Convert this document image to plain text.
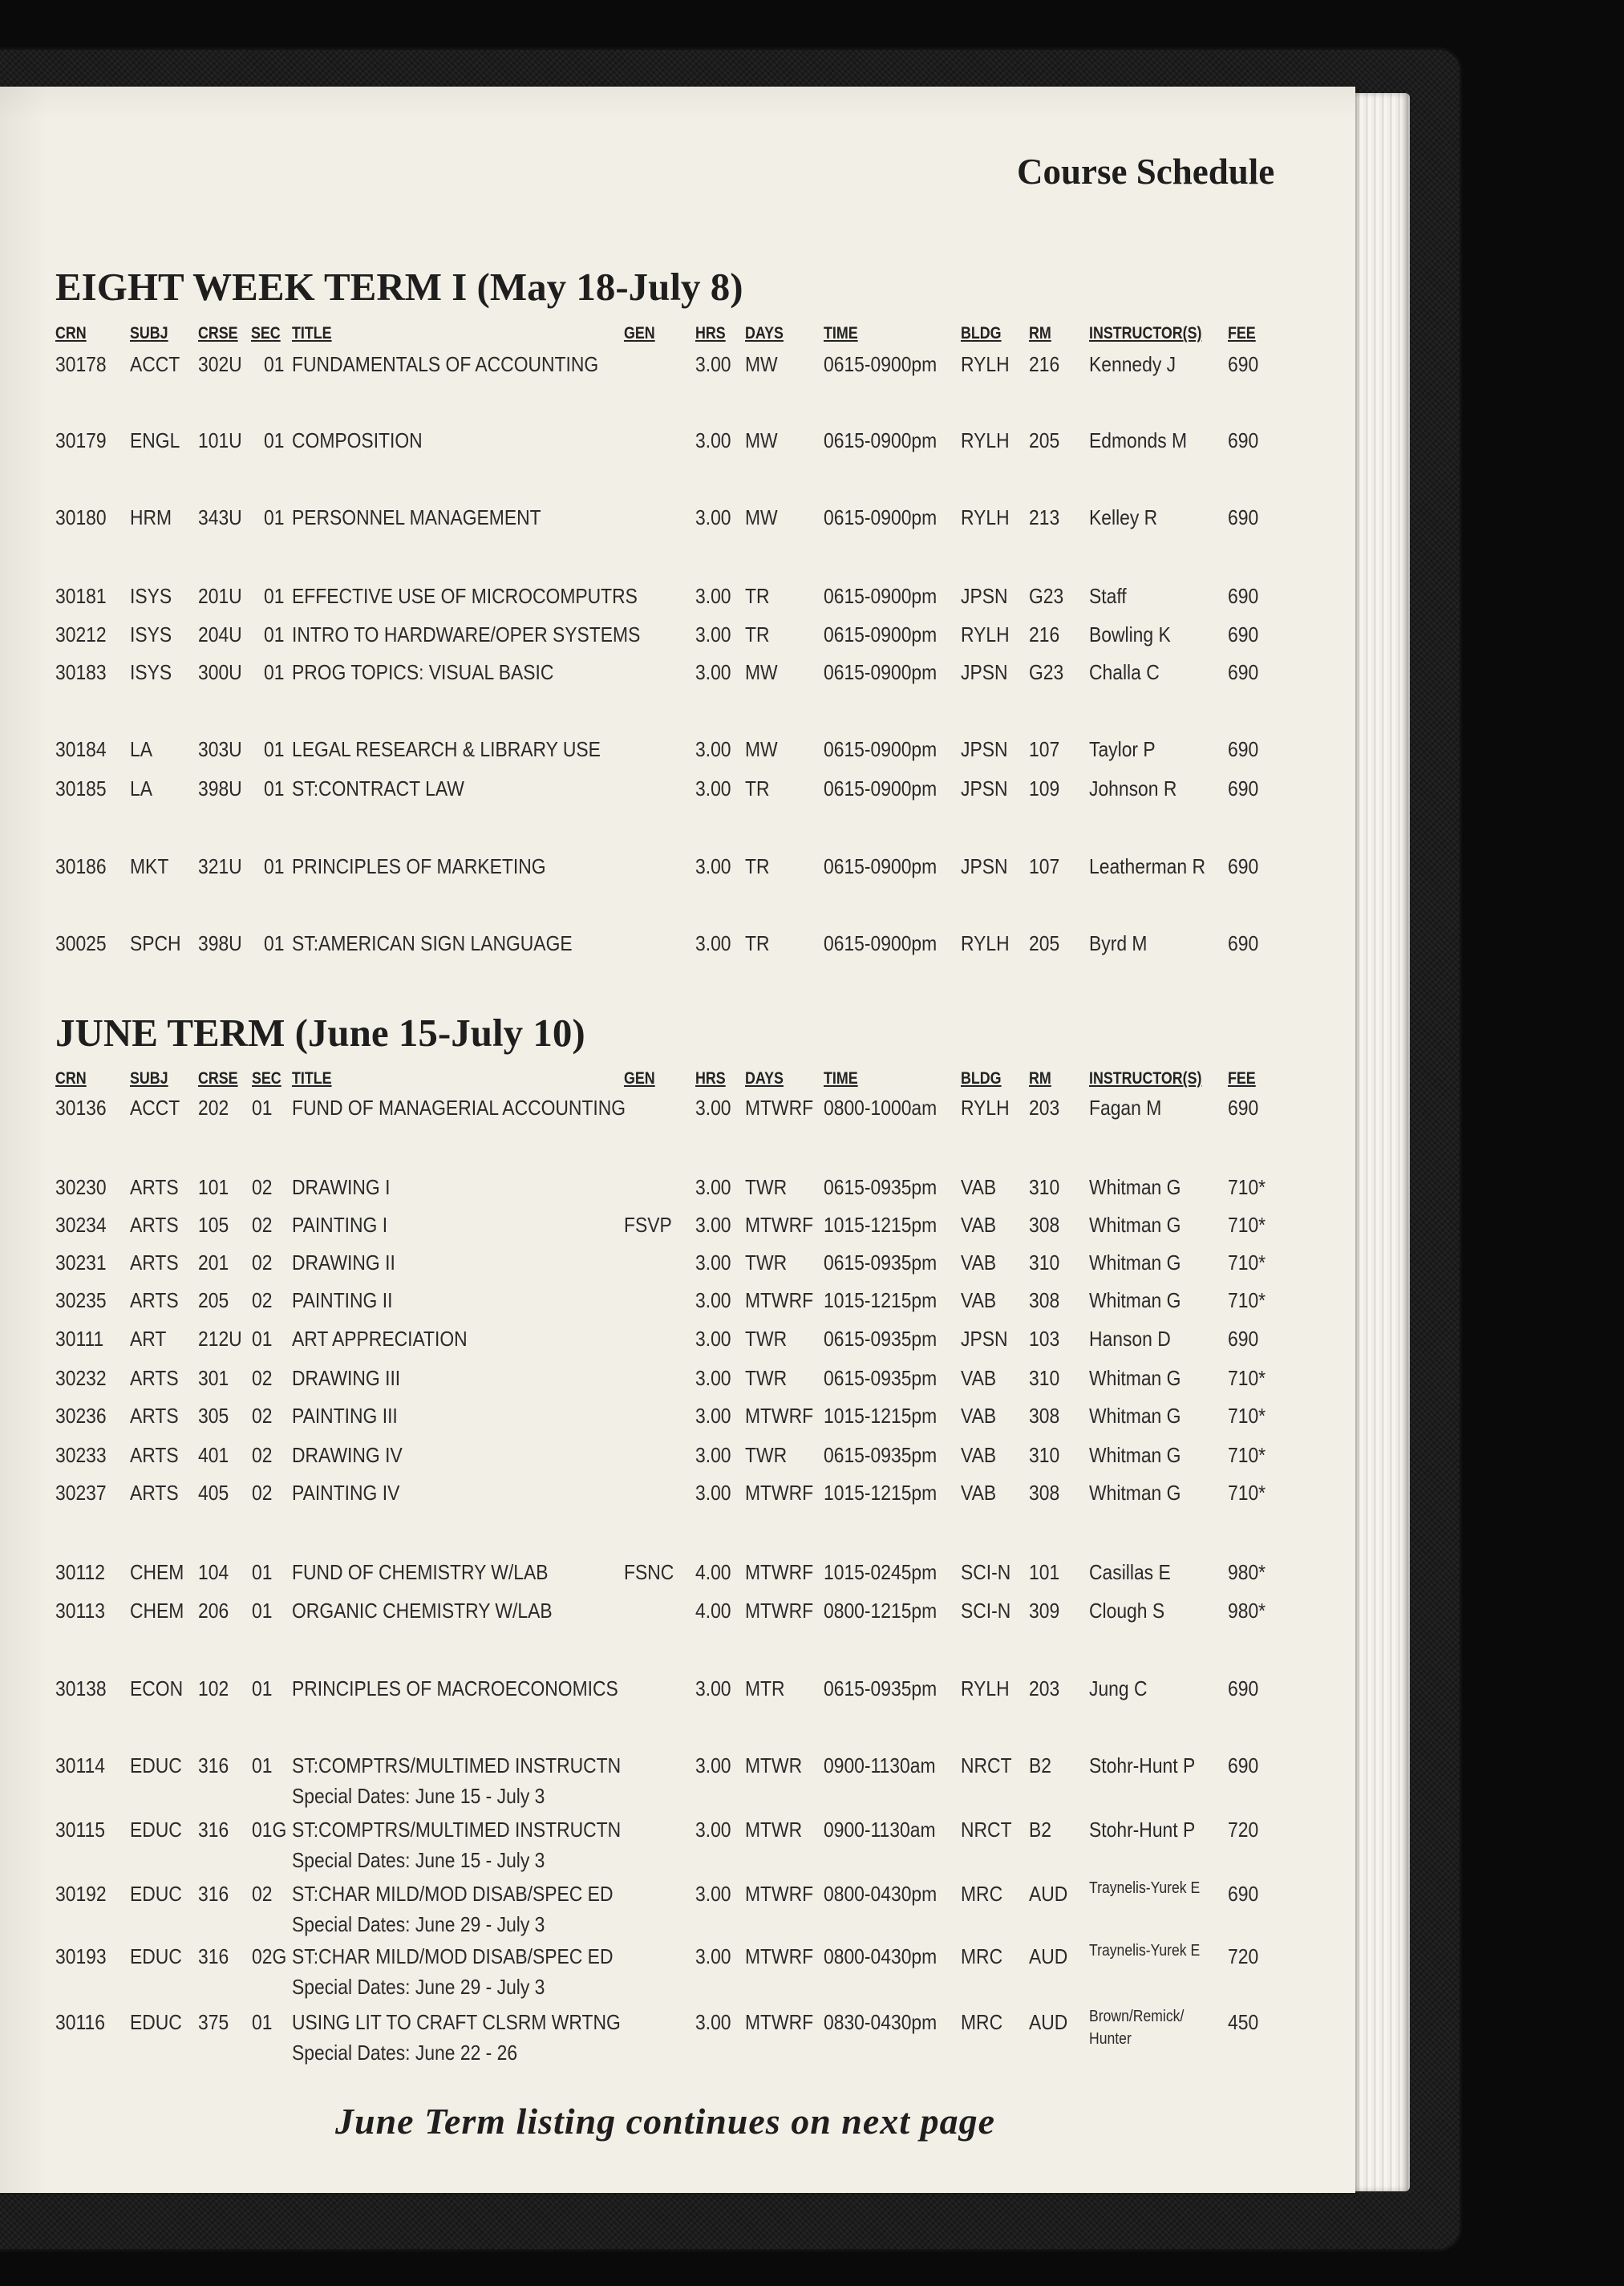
Course Schedule
EIGHT WEEK TERM I (May 18-July 8)
CRN	SUBJ CRSE SEC TITLE	GEN HRS DAYS TIME	BLDG RM INSTRUCTOR(S) FEE
30178 ACCT 302U 01 FUNDAMENTALS OF ACCOUNTING	3.00 MW 0615-0900pm RYLH 216 Kennedy J 690
30179 ENGL 101U 01 COMPOSITION	3.00 MW 0615-0900pm RYLH 205 Edmonds M 690
30180 HRM 343U 01 PERSONNEL MANAGEMENT	3.00 MW 0615-0900pm RYLH 213 Kelley R	690
30181 ISYS 201U 01 EFFECTIVE USE OF MICROCOMPUTRS	3.00 TR	0615-0900pm JPSN G23 Staff	690
30212 ISYS 204U 01 INTRO TO HARDWARE/OPER SYSTEMS	3.00 TR	0615-0900pm RYLH 216 Bowling K	690
30183 ISYS 300U 01 PROG TOPICS: VISUAL BASIC	3.00 MW 0615-0900pm JPSN G23 Challa C	690
30184 LA 303U 01 LEGAL RESEARCH & LIBRARY USE	3.00 MW 0615-0900pm JPSN 107 Taylor P	690
30185 LA 398U 01 ST:CONTRACT LAW	3.00 TR	0615-0900pm JPSN 109 Johnson R 690
30186 MKT 321U 01 PRINCIPLES OF MARKETING	3.00 TR	0615-0900pm JPSN 107 Leatherman R 690
30025 SPCH 398U 01 ST:AMERICAN SIGN LANGUAGE	3.00 TR	0615-0900pm RYLH 205 Byrd M	690
JUNE TERM (June 15-July 10)
CRN	SUBJ CRSE SEC TITLE	GEN HRS DAYS TIME	BLDG RM INSTRUCTOR(S) FEE
30136 ACCT 202 01 FUND OF MANAGERIAL ACCOUNTING	3.00 MTWRF 0800-1000am RYLH 203 Fagan M	690
30230 ARTS 101 02 DRAWING I	3.00 TWR 0615-0935pm VAB 310 Whitman G 710*
30234 ARTS 105 02 PAINTING I	FSVP 3.00 MTWRF 1015-1215pm VAB 308 Whitman G 710*
30231 ARTS 201 02 DRAWING II	3.00 TWR 0615-0935pm VAB 310 Whitman G 710*
30235 ARTS 205 02 PAINTING II	3.00 MTWRF 1015-1215pm VAB 308 Whitman G 710*
30111 ART 212U 01 ART APPRECIATION	3.00 TWR 0615-0935pm JPSN 103 Hanson D	690
30232 ARTS 301 02 DRAWING III	3.00 TWR 0615-0935pm VAB 310 Whitman G 710*
30236 ARTS 305 02 PAINTING III	3.00 MTWRF 1015-1215pm VAB 308 Whitman G 710*
30233 ARTS 401 02 DRAWING IV	3.00 TWR 0615-0935pm VAB 310 Whitman G 710*
30237 ARTS 405 02 PAINTING IV	3.00 MTWRF 1015-1215pm VAB 308 Whitman G 710*
30112 CHEM 104 01 FUND OF CHEMISTRY W/LAB	FSNC 4.00 MTWRF 1015-0245pm SCI-N 101 Casillas E	980*
30113 CHEM 206 01 ORGANIC CHEMISTRY W/LAB	4.00 MTWRF 0800-1215pm SCI-N 309 Clough S	980*
30138 ECON 102 01 PRINCIPLES OF MACROECONOMICS	3.00 MTR 0615-0935pm RYLH 203 Jung C	690
30114 EDUC 316 01 ST:COMPTRS/MULTIMED INSTRUCTN	3.00 MTWR 0900-1130am NRCT B2 Stohr-Hunt P 690
Special Dates: June 15 - July 3
30115 EDUC 316 01G ST:COMPTRS/MULTIMED INSTRUCTN	3.00 MTWR 0900-1130am NRCT B2 Stohr-Hunt P 720
Special Dates: June 15 - July 3
30192 EDUC 316 02 ST:CHAR MILD/MOD DISAB/SPEC ED	3.00 MTWRF 0800-0430pm MRC AUD Traynelis-Yurek E 690
Special Dates: June 29 - July 3
30193 EDUC 316 02G ST:CHAR MILD/MOD DISAB/SPEC ED	3.00 MTWRF 0800-0430pm MRC AUD Traynelis-Yurek E 720
Special Dates: June 29 - July 3
30116 EDUC 375 01 USING LIT TO CRAFT CLSRM WRTNG	3.00 MTWRF 0830-0430pm MRC AUD Brown/Remick/ 450
Hunter
Special Dates: June 22 - 26
June Term listing continues on next page
